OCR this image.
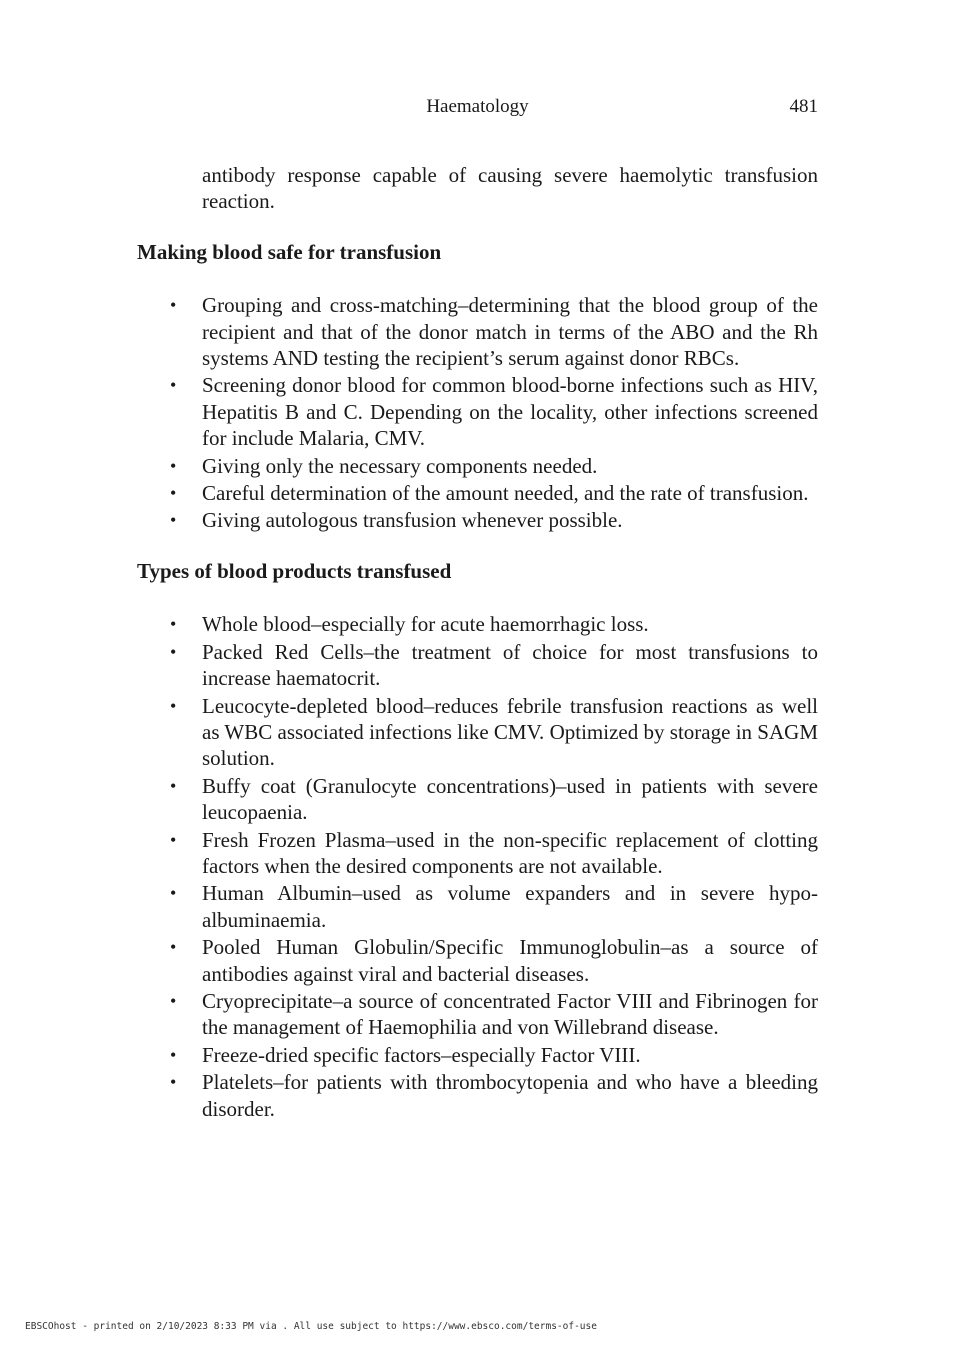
Haematology	481

antibody response capable of causing severe haemolytic transfusion reaction.

Making blood safe for transfusion
• Grouping and cross-matching–determining that the blood group of the recipient and that of the donor match in terms of the ABO and the Rh systems AND testing the recipient’s serum against donor RBCs.
• Screening donor blood for common blood-borne infections such as HIV, Hepatitis B and C. Depending on the locality, other infections screened for include Malaria, CMV.
• Giving only the necessary components needed.
• Careful determination of the amount needed, and the rate of transfusion.
• Giving autologous transfusion whenever possible.
Types of blood products transfused
• Whole blood–especially for acute haemorrhagic loss.
• Packed Red Cells–the treatment of choice for most transfusions to increase haematocrit.
• Leucocyte-depleted blood–reduces febrile transfusion reactions as well as WBC associated infections like CMV. Optimized by storage in SAGM solution.
• Buffy coat (Granulocyte concentrations)–used in patients with severe leucopaenia.
• Fresh Frozen Plasma–used in the non-specific replacement of clotting factors when the desired components are not available.
• Human Albumin–used as volume expanders and in severe hypo-albuminaemia.
• Pooled Human Globulin/Specific Immunoglobulin–as a source of antibodies against viral and bacterial diseases.
• Cryoprecipitate–a source of concentrated Factor VIII and Fibrinogen for the management of Haemophilia and von Willebrand disease.
• Freeze-dried specific factors–especially Factor VIII.
• Platelets–for patients with thrombocytopenia and who have a bleeding disorder.
EBSCOhost - printed on 2/10/2023 8:33 PM via . All use subject to https://www.ebsco.com/terms-of-use
